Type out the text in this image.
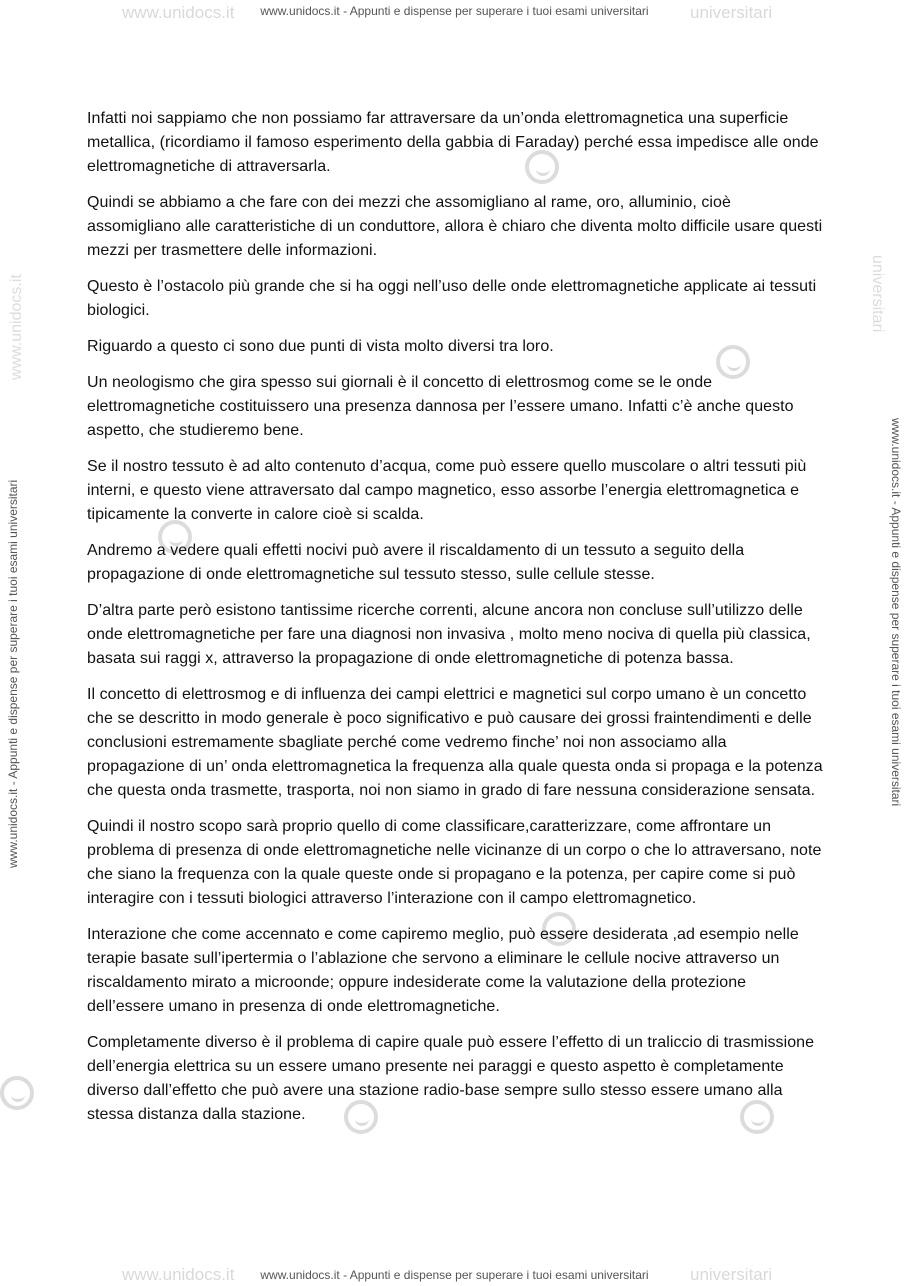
www.unidocs.it	universitari
www.unidocs.it	universitari
www.unidocs.it	universitari
www.unidocs.it - Appunti e dispense per superare i tuoi esami universitari
www.unidocs.it - Appunti e dispense per superare i tuoi esami universitari
www.unidocs.it - Appunti e dispense per superare i tuoi esami universitari	www.unidocs.it - Appunti e dispense per superare i tuoi esami universitari

Infatti noi sappiamo che non possiamo far attraversare da un’onda elettromagnetica una superficie metallica, (ricordiamo il famoso esperimento della gabbia di Faraday) perché essa impedisce alle onde elettromagnetiche di attraversarla.

Quindi se abbiamo a che fare con dei mezzi che assomigliano al rame, oro, alluminio, cioè assomigliano alle caratteristiche di un conduttore, allora è chiaro che diventa molto difficile usare questi mezzi per trasmettere delle informazioni.

Questo è l’ostacolo più grande che si ha oggi nell’uso delle onde elettromagnetiche applicate ai tessuti biologici.

Riguardo a questo ci sono due punti di vista molto diversi tra loro.

Un neologismo che gira spesso sui giornali è il concetto di elettrosmog come se le onde elettromagnetiche costituissero una presenza dannosa per l’essere umano. Infatti c’è anche questo aspetto, che studieremo bene.

Se il nostro tessuto è ad alto contenuto d’acqua, come può essere quello muscolare o altri tessuti più interni, e questo viene attraversato dal campo magnetico, esso assorbe l’energia elettromagnetica e tipicamente la converte in calore cioè si scalda.

Andremo a vedere quali effetti nocivi può avere il riscaldamento di un tessuto a seguito della propagazione di onde elettromagnetiche sul tessuto stesso, sulle cellule stesse.

D’altra parte però esistono tantissime ricerche correnti, alcune ancora non concluse sull’utilizzo delle onde elettromagnetiche per fare una diagnosi non invasiva , molto meno nociva di quella più classica, basata sui raggi x, attraverso la propagazione di onde elettromagnetiche di potenza bassa.

Il concetto di elettrosmog e di influenza dei campi elettrici e magnetici sul corpo umano è un concetto che se descritto in modo generale è poco significativo e può causare dei grossi fraintendimenti e delle conclusioni estremamente sbagliate perché come vedremo finche’ noi non associamo alla propagazione di un’ onda elettromagnetica la frequenza alla quale questa onda si propaga e la potenza che questa onda trasmette, trasporta, noi non siamo in grado di fare nessuna considerazione sensata.

Quindi il nostro scopo sarà proprio quello di come classificare,caratterizzare, come affrontare un problema di presenza di onde elettromagnetiche nelle vicinanze di un corpo o che lo attraversano, note che siano la frequenza con la quale queste onde si propagano e la potenza, per capire come si può interagire con i tessuti biologici attraverso l’interazione con il campo elettromagnetico.

Interazione che come accennato e come capiremo meglio, può essere desiderata ,ad esempio nelle terapie basate sull’ipertermia o l’ablazione che servono a eliminare le cellule nocive attraverso un riscaldamento mirato a microonde; oppure indesiderate come la valutazione della protezione dell’essere umano in presenza di onde elettromagnetiche.

Completamente diverso è il problema di capire quale può essere l’effetto di un traliccio di trasmissione dell’energia elettrica su un essere umano presente nei paraggi e questo aspetto è completamente diverso dall’effetto che può avere una stazione radio-base sempre sullo stesso essere umano alla stessa distanza dalla stazione.
